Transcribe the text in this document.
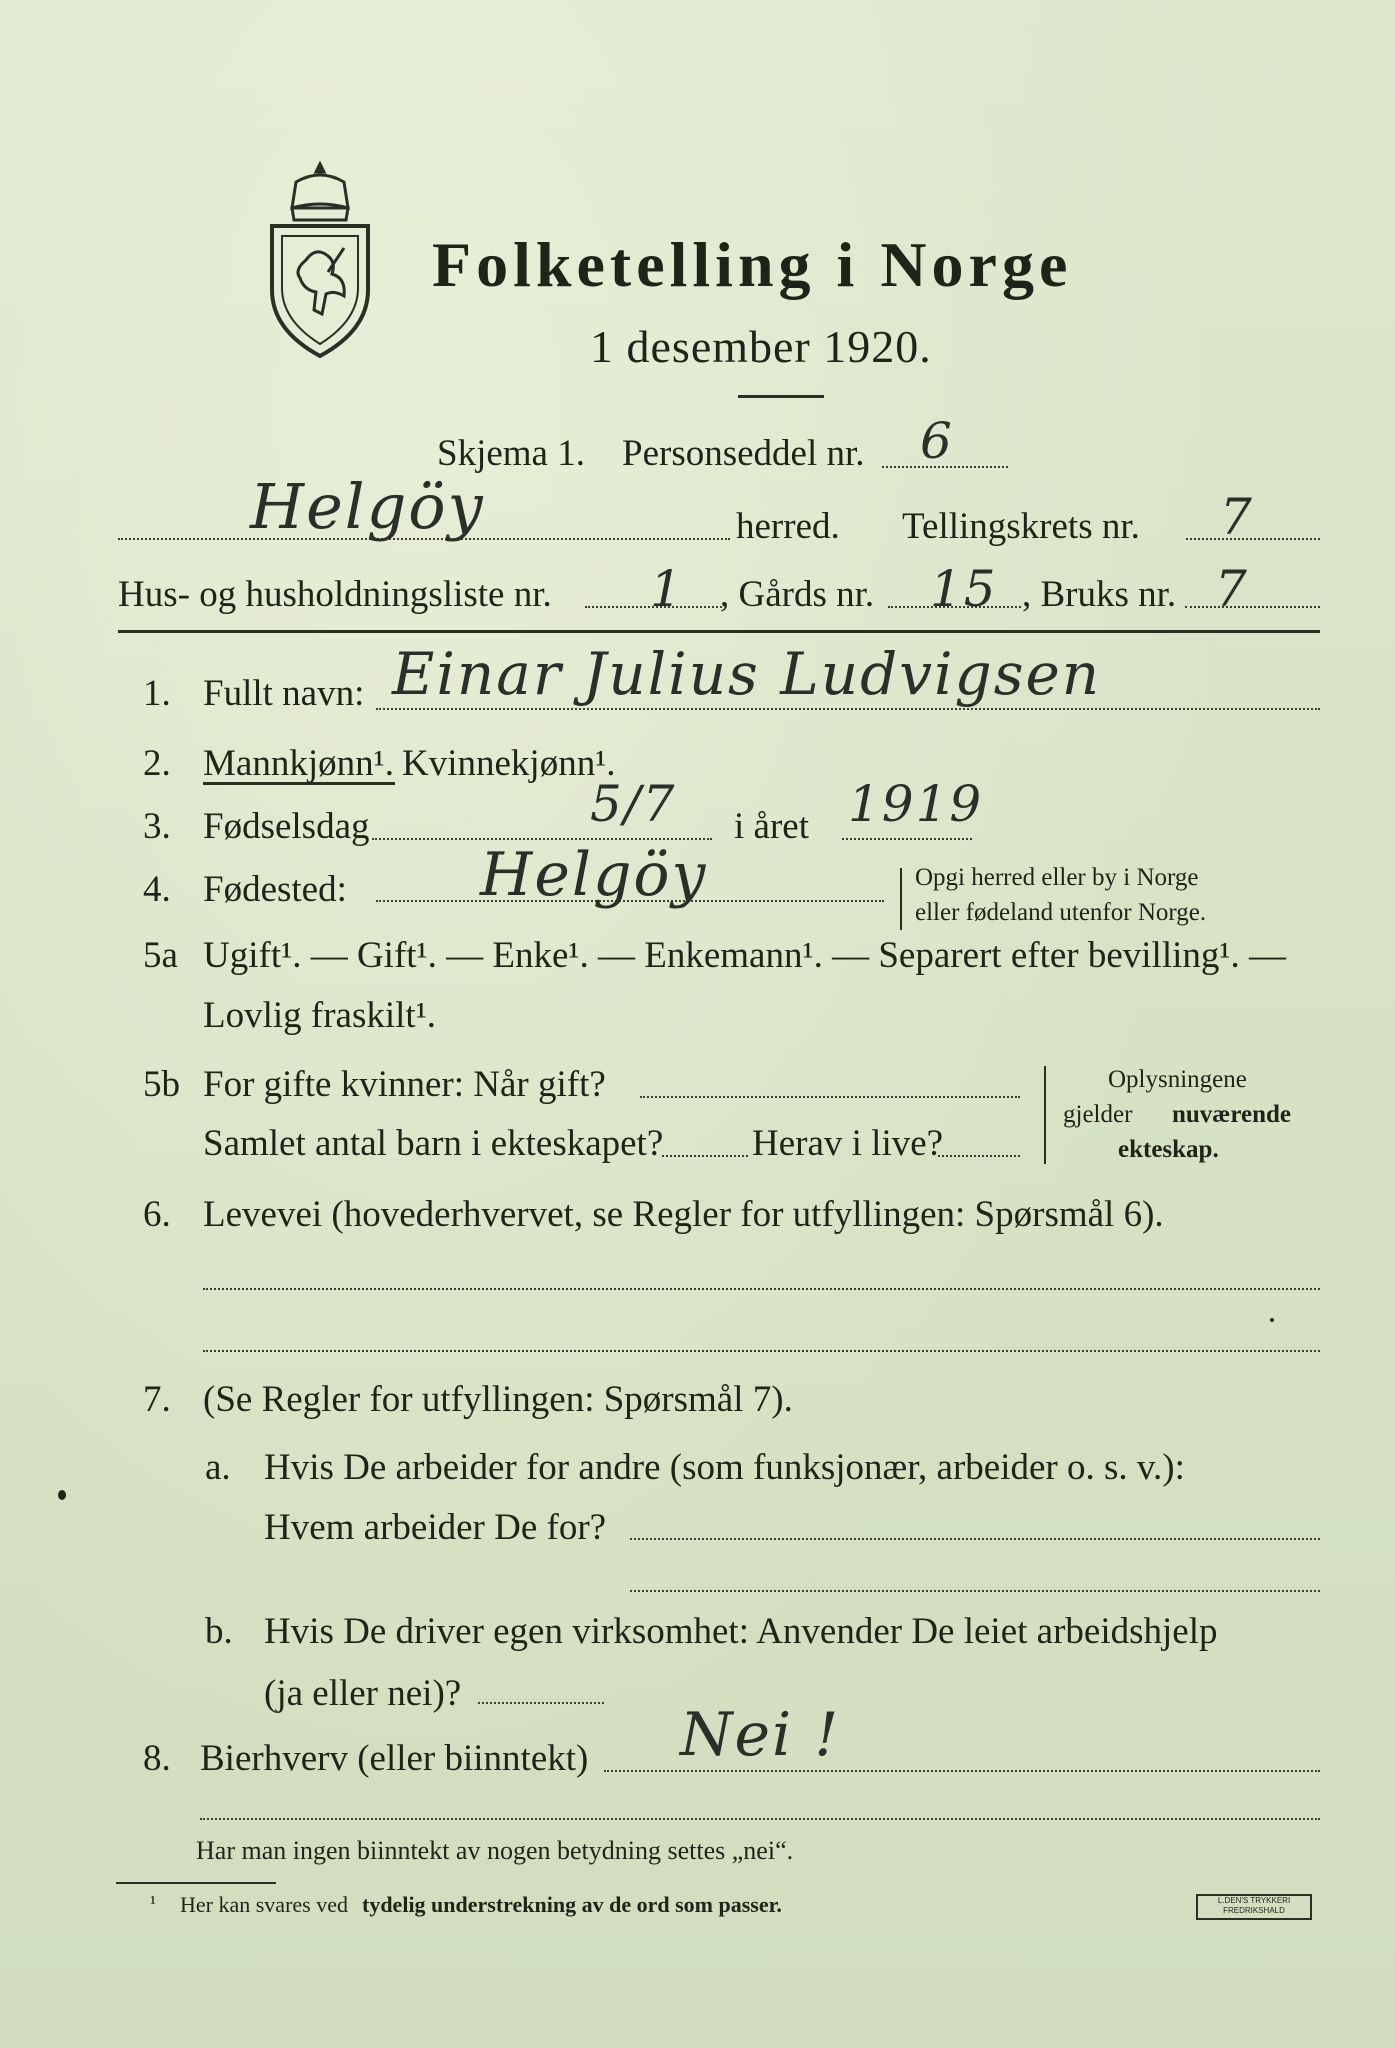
Folketelling i Norge
1 desember 1920.
Skjema 1. Personseddel nr. 6
Helgöy	herred. Tellingskrets nr. 7
Hus- og husholdningsliste nr. 1 , Gårds nr. 15 , Bruks nr. 7
1. Fullt navn: Einar Julius Ludvigsen
2. Mannkjønn¹. Kvinnekjønn¹.
3. Fødselsdag	5/7 i året 1919
4. Fødested: Helgöy	Opgi herred eller by i Norge
eller fødeland utenfor Norge.
5a Ugift¹. — Gift¹. — Enke¹. — Enkemann¹. — Separert efter bevilling¹. —
Lovlig fraskilt¹.
5b For gifte kvinner: Når gift?
Samlet antal barn i ekteskapet? Herav i live?
Oplysningene
gjelder nuværende
ekteskap.
6. Levevei (hovederhvervet, se Regler for utfyllingen: Spørsmål 6).
7. (Se Regler for utfyllingen: Spørsmål 7).
a. Hvis De arbeider for andre (som funksjonær, arbeider o. s. v.):
Hvem arbeider De for?
b. Hvis De driver egen virksomhet: Anvender De leiet arbeidshjelp
(ja eller nei)?
8. Bierhverv (eller biinntekt) Nei !
Har man ingen biinntekt av nogen betydning settes „nei“.
¹ Her kan svares ved tydelig understrekning av de ord som passer.	L.DEN'S TRYKKERI
FREDRIKSHALD
